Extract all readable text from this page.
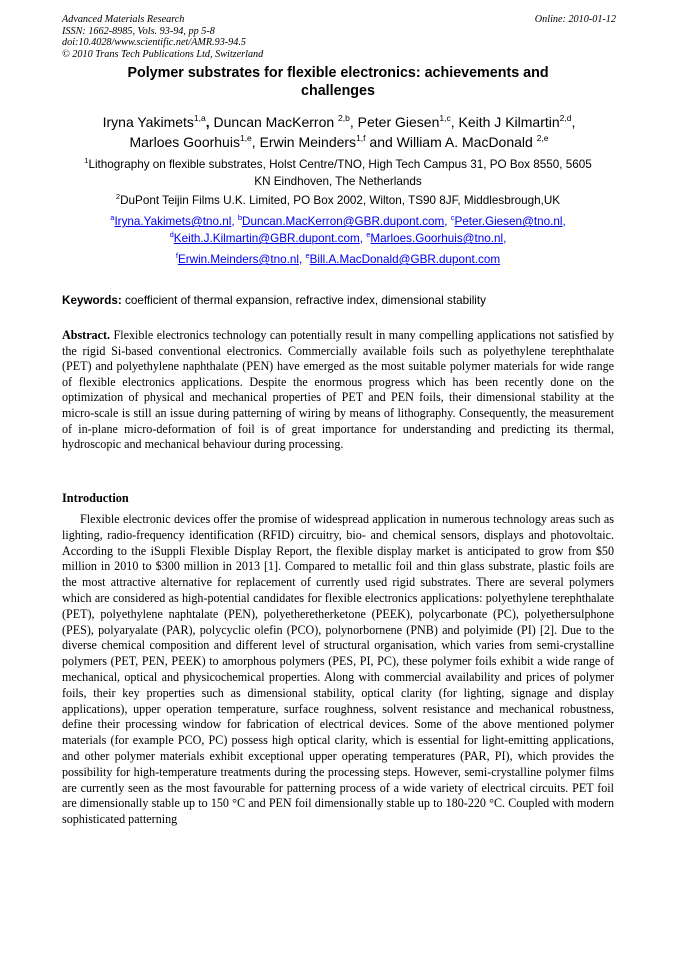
Advanced Materials Research
ISSN: 1662-8985, Vols. 93-94, pp 5-8
doi:10.4028/www.scientific.net/AMR.93-94.5
© 2010 Trans Tech Publications Ltd, Switzerland
Online: 2010-01-12
Polymer substrates for flexible electronics: achievements and
challenges
Iryna Yakimets$^{1,a}$, Duncan MacKerron $^{2,b}$, Peter Giesen$^{1,c}$, Keith J Kilmartin$^{2,d}$,
Marloes Goorhuis$^{1,e}$, Erwin Meinders$^{1,f}$ and William A. MacDonald $^{2,e}$
$^1$Lithography on flexible substrates, Holst Centre/TNO, High Tech Campus 31, PO Box 8550, 5605
KN Eindhoven, The Netherlands
$^2$DuPont Teijin Films U.K. Limited, PO Box 2002, Wilton, TS90 8JF, Middlesbrough,UK
$^a$Iryna.Yakimets@tno.nl, $^b$Duncan.MacKerron@GBR.dupont.com, $^c$Peter.Giesen@tno.nl,
$^d$Keith.J.Kilmartin@GBR.dupont.com, $^e$Marloes.Goorhuis@tno.nl,
$^f$Erwin.Meinders@tno.nl, $^e$Bill.A.MacDonald@GBR.dupont.com
Keywords: coefficient of thermal expansion, refractive index, dimensional stability
Abstract. Flexible electronics technology can potentially result in many compelling applications not satisfied by the rigid Si-based conventional electronics. Commercially available foils such as polyethylene terephthalate (PET) and polyethylene naphthalate (PEN) have emerged as the most suitable polymer materials for wide range of flexible electronics applications. Despite the enormous progress which has been recently done on the optimization of physical and mechanical properties of PET and PEN foils, their dimensional stability at the micro-scale is still an issue during patterning of wiring by means of lithography. Consequently, the measurement of in-plane micro-deformation of foil is of great importance for understanding and predicting its thermal, hydroscopic and mechanical behaviour during processing.
Introduction
Flexible electronic devices offer the promise of widespread application in numerous technology areas such as lighting, radio-frequency identification (RFID) circuitry, bio- and chemical sensors, displays and photovoltaic. According to the iSuppli Flexible Display Report, the flexible display market is anticipated to grow from $50 million in 2010 to $300 million in 2013 [1]. Compared to metallic foil and thin glass substrate, plastic foils are the most attractive alternative for replacement of currently used rigid substrates. There are several polymers which are considered as high-potential candidates for flexible electronics applications: polyethylene terephthalate (PET), polyethylene naphtalate (PEN), polyetheretherketone (PEEK), polycarbonate (PC), polyethersulphone (PES), polyaryalate (PAR), polycyclic olefin (PCO), polynorbornene (PNB) and polyimide (PI) [2]. Due to the diverse chemical composition and different level of structural organisation, which varies from semi-crystalline polymers (PET, PEN, PEEK) to amorphous polymers (PES, PI, PC), these polymer foils exhibit a wide range of mechanical, optical and physicochemical properties. Along with commercial availability and prices of polymer foils, their key properties such as dimensional stability, optical clarity (for lighting, signage and display applications), upper operation temperature, surface roughness, solvent resistance and mechanical robustness, define their processing window for fabrication of electrical devices. Some of the above mentioned polymer materials (for example PCO, PC) possess high optical clarity, which is essential for light-emitting applications, and other polymer materials exhibit exceptional upper operating temperatures (PAR, PI), which provides the possibility for high-temperature treatments during the processing steps. However, semi-crystalline polymer films are currently seen as the most favourable for patterning process of a wide variety of electrical circuits. PET foil are dimensionally stable up to 150 °C and PEN foil dimensionally stable up to 180-220 °C. Coupled with modern sophisticated patterning
